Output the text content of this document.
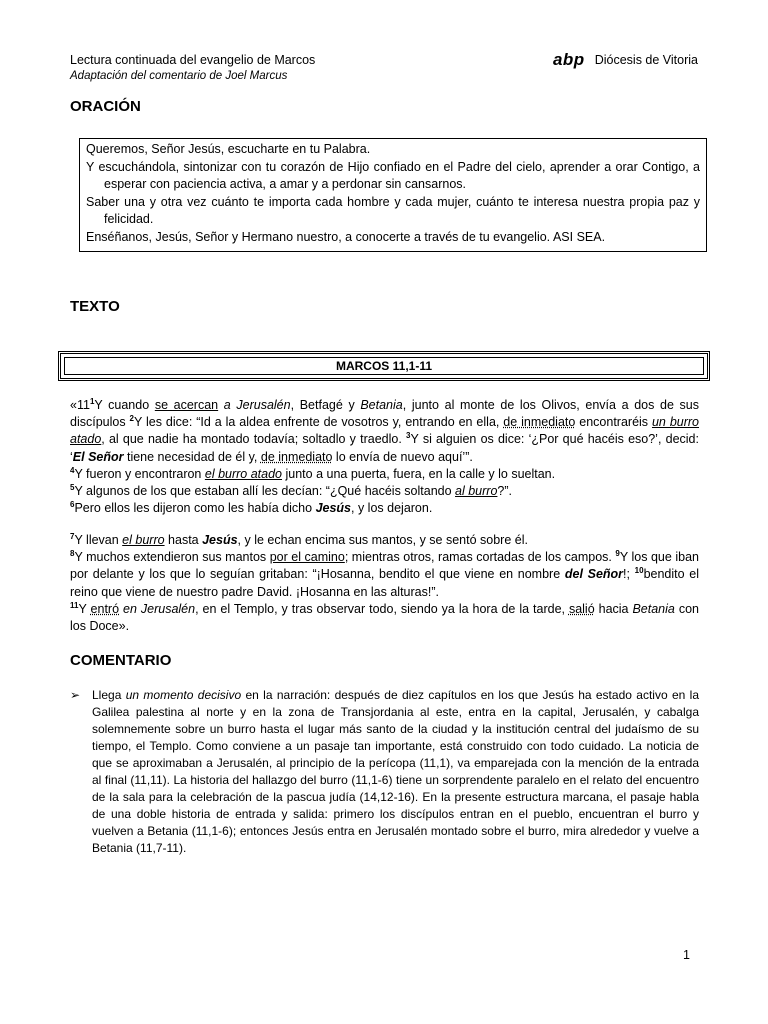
Lectura continuada del evangelio de Marcos
Adaptación del comentario de Joel Marcus
abp Diócesis de Vitoria
ORACIÓN

Queremos, Señor Jesús, escucharte en tu Palabra.

Y escuchándola, sintonizar con tu corazón de Hijo confiado en el Padre del cielo, aprender a orar Contigo, a esperar con paciencia activa, a amar y a perdonar sin cansarnos.

Saber una y otra vez cuánto te importa cada hombre y cada mujer, cuánto te interesa nuestra propia paz y felicidad.

Enséñanos, Jesús, Señor y Hermano nuestro, a conocerte a través de tu evangelio. ASI SEA.

TEXTO
MARCOS 11,1-11

«$11^1Y$ cuando se acercan a Jerusalén, Betfagé y Betania, junto al monte de los Olivos, envía a dos de sus discípulos $^2$Y les dice: “Id a la aldea enfrente de vosotros y, entrando en ella, de inmediato encontraréis un burro atado, al que nadie ha montado todavía; soltadlo y traedlo. $^3$Y si alguien os dice: ‘¿Por qué hacéis eso?’, decid: ‘El Señor tiene necesidad de él y, de inmediato lo envía de nuevo aquí’”.

$^4$Y fueron y encontraron el burro atado junto a una puerta, fuera, en la calle y lo sueltan.

$^5$Y algunos de los que estaban allí les decían: “¿Qué hacéis soltando al burro?”.

$^6$Pero ellos les dijeron como les había dicho Jesús, y los dejaron.

$^7$Y llevan el burro hasta Jesús, y le echan encima sus mantos, y se sentó sobre él.

$^8$Y muchos extendieron sus mantos por el camino; mientras otros, ramas cortadas de los campos. $^9$Y los que iban por delante y los que lo seguían gritaban: “¡Hosanna, bendito el que viene en nombre del Señor!; $^{10}$bendito el reino que viene de nuestro padre David. ¡Hosanna en las alturas!”.

$^{11}$Y entró en Jerusalén, en el Templo, y tras observar todo, siendo ya la hora de la tarde, salió hacia Betania con los Doce».

COMENTARIO
➢ Llega un momento decisivo en la narración: después de diez capítulos en los que Jesús ha estado activo en la Galilea palestina al norte y en la zona de Transjordania al este, entra en la capital, Jerusalén, y cabalga solemnemente sobre un burro hasta el lugar más santo de la ciudad y la institución central del judaísmo de su tiempo, el Templo. Como conviene a un pasaje tan importante, está construido con todo cuidado. La noticia de que se aproximaban a Jerusalén, al principio de la perícopa (11,1), va emparejada con la mención de la entrada al final (11,11). La historia del hallazgo del burro (11,1-6) tiene un sorprendente paralelo en el relato del encuentro de la sala para la celebración de la pascua judía (14,12-16). En la presente estructura marcana, el pasaje habla de una doble historia de entrada y salida: primero los discípulos entran en el pueblo, encuentran el burro y vuelven a Betania (11,1-6); entonces Jesús entra en Jerusalén montado sobre el burro, mira alrededor y vuelve a Betania (11,7-11).
1
